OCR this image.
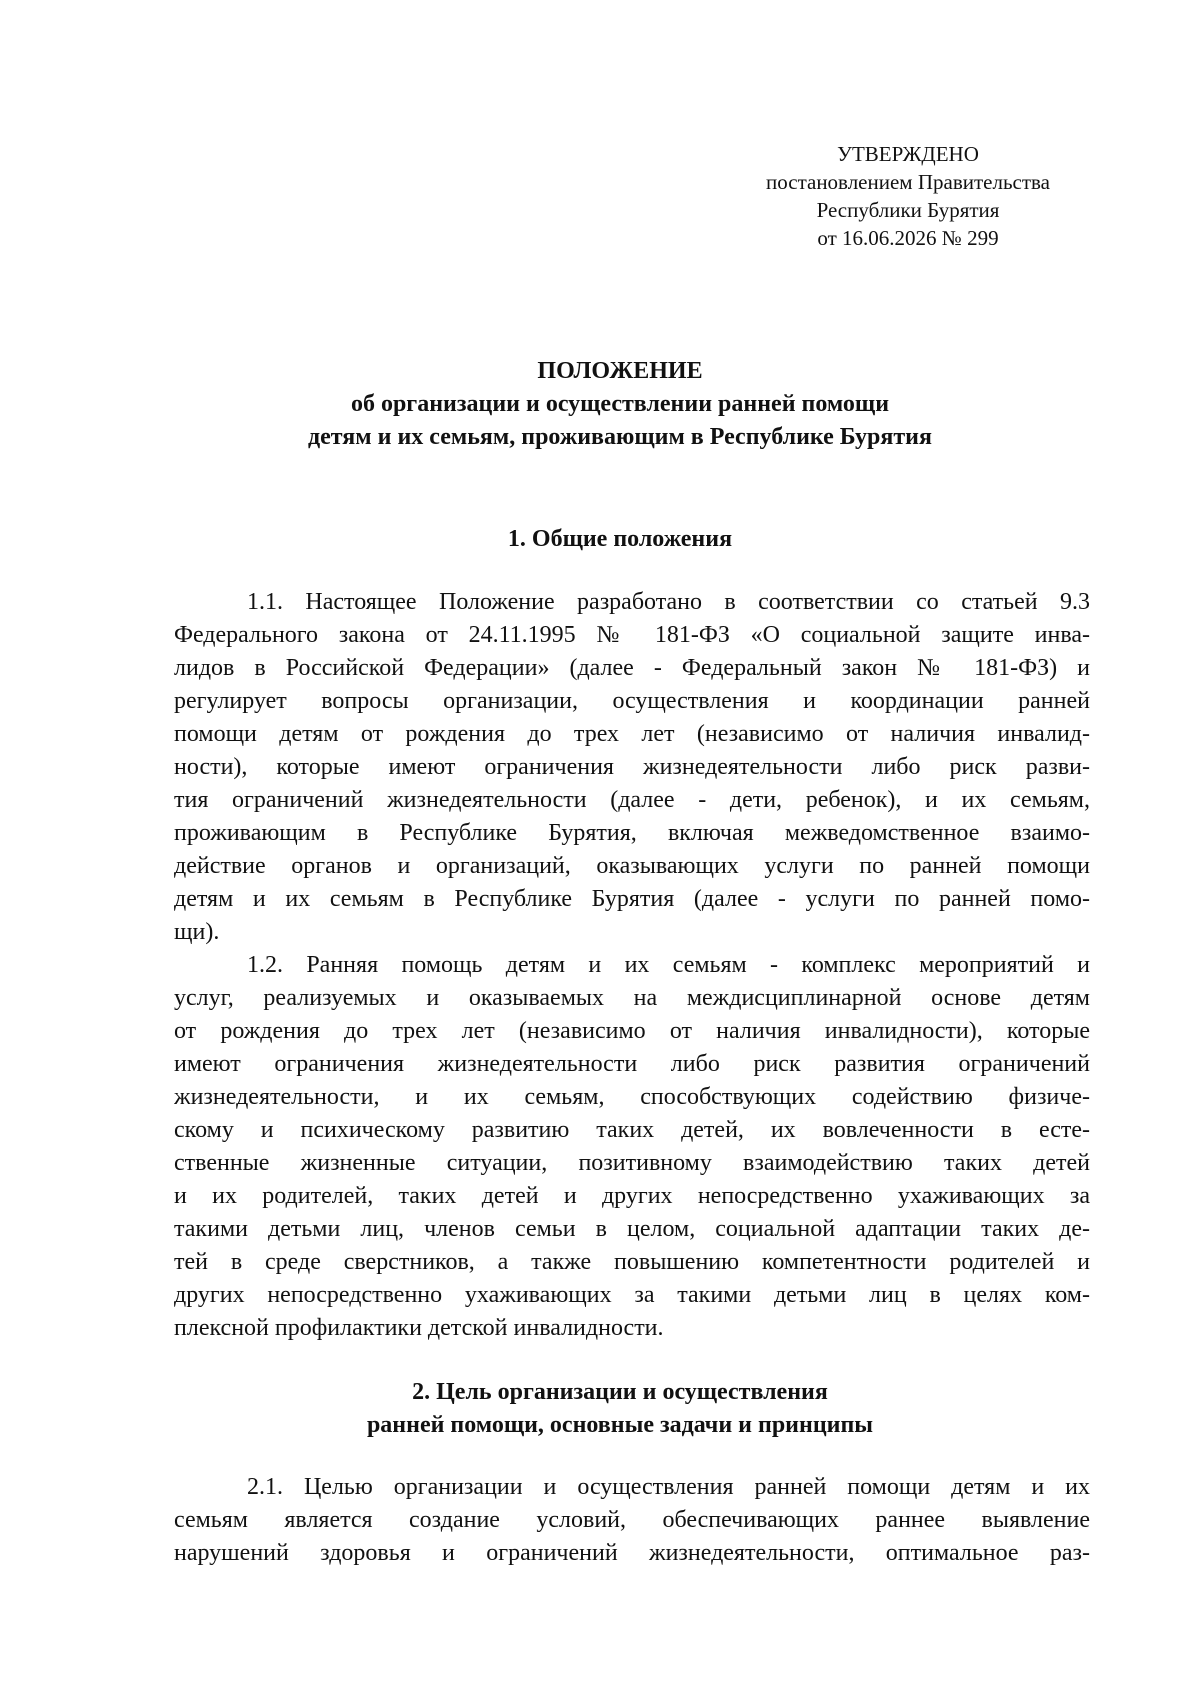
УТВЕРЖДЕНО
постановлением Правительства
Республики Бурятия
от 16.06.2026 № 299
ПОЛОЖЕНИЕ
об организации и осуществлении ранней помощи
детям и их семьям, проживающим в Республике Бурятия
1. Общие положения
1.1. Настоящее Положение разработано в соответствии со статьей 9.3
Федерального закона от 24.11.1995 № 181-ФЗ «О социальной защите инва-
лидов в Российской Федерации» (далее - Федеральный закон № 181-ФЗ) и
регулирует вопросы организации, осуществления и координации ранней
помощи детям от рождения до трех лет (независимо от наличия инвалид-
ности), которые имеют ограничения жизнедеятельности либо риск разви-
тия ограничений жизнедеятельности (далее - дети, ребенок), и их семьям,
проживающим в Республике Бурятия, включая межведомственное взаимо-
действие органов и организаций, оказывающих услуги по ранней помощи
детям и их семьям в Республике Бурятия (далее - услуги по ранней помо-
щи).
1.2. Ранняя помощь детям и их семьям - комплекс мероприятий и
услуг, реализуемых и оказываемых на междисциплинарной основе детям
от рождения до трех лет (независимо от наличия инвалидности), которые
имеют ограничения жизнедеятельности либо риск развития ограничений
жизнедеятельности, и их семьям, способствующих содействию физиче-
скому и психическому развитию таких детей, их вовлеченности в есте-
ственные жизненные ситуации, позитивному взаимодействию таких детей
и их родителей, таких детей и других непосредственно ухаживающих за
такими детьми лиц, членов семьи в целом, социальной адаптации таких де-
тей в среде сверстников, а также повышению компетентности родителей и
других непосредственно ухаживающих за такими детьми лиц в целях ком-
плексной профилактики детской инвалидности.
2. Цель организации и осуществления
ранней помощи, основные задачи и принципы
2.1. Целью организации и осуществления ранней помощи детям и их
семьям является создание условий, обеспечивающих раннее выявление
нарушений здоровья и ограничений жизнедеятельности, оптимальное раз-
